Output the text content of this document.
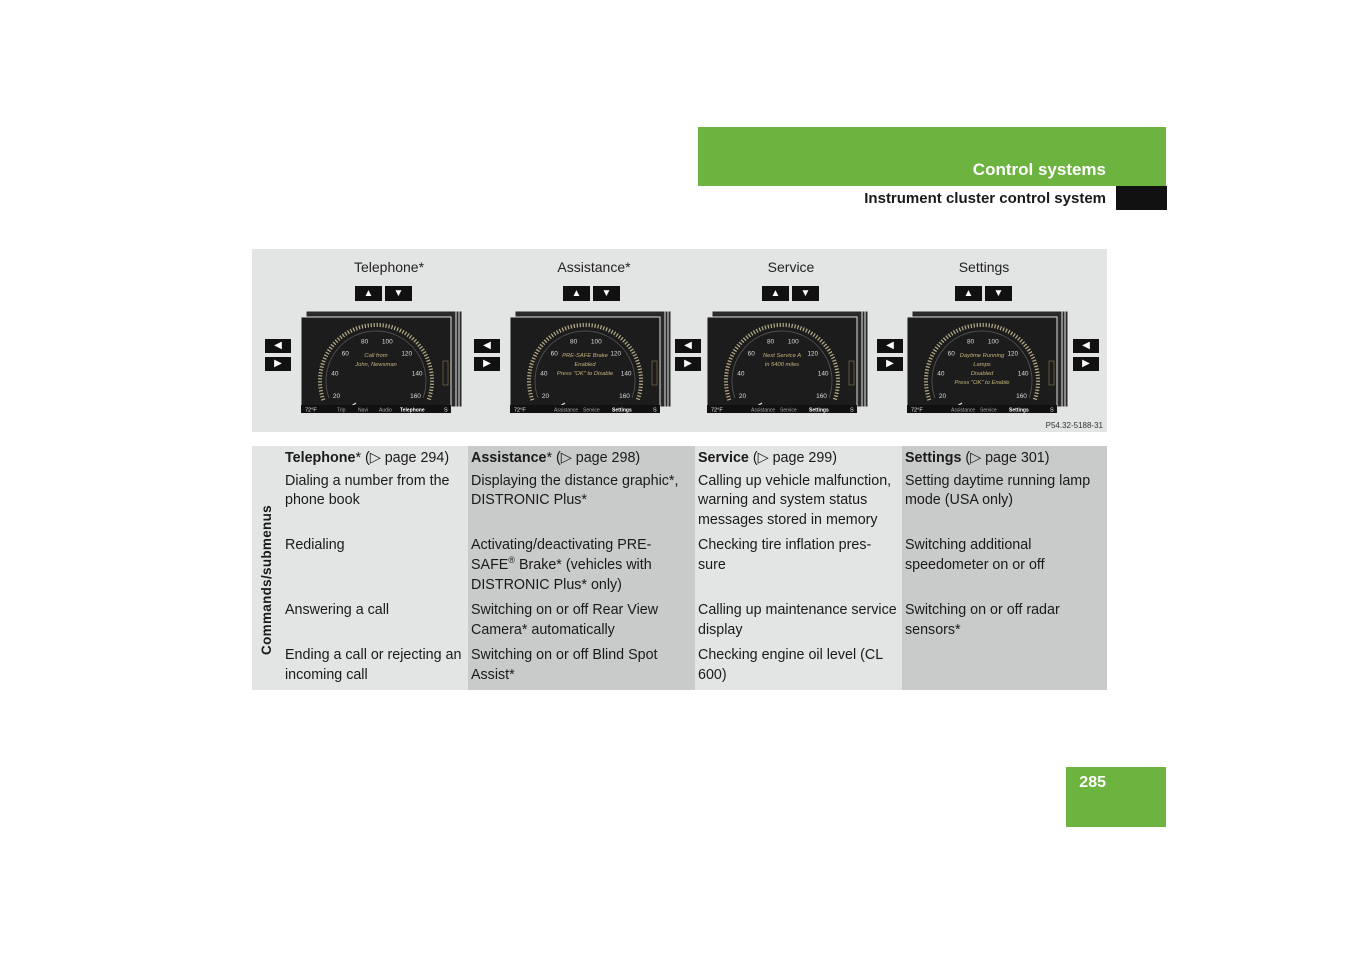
Control systems
Instrument cluster control system
Telephone*	Assistance*	Service	Settings
▲	▼	▲	▼	▲	▼	▲	▼
◀
▶
◀
▶
◀
▶
◀
▶
◀
▶
20
40
60
80 100
120
140
160
Call from
John, Newsman
72°F	Trip	Navi Audio Telephone	S
20
40
60
80 100
120
140
160
PRE-SAFE Brake
Enabled
Press "OK" to Disable
72°F	Assistance Service Settings	S
20
40
60
80 100
120
140
160
Next Service A
in 5400 miles
72°F	Assistance Service Settings	S
20
40
60
80 100
120
140
160
Daytime Running
Lamps
Disabled
Press "OK" to Enable
72°F	Assistance Service Settings	S
P54.32-5188-31
	Telephone* (▷ page 294)	Assistance* (▷ page 298)	Service (▷ page 299)	Settings (▷ page 301)

Commands/submenus	Dialing a number from the phone book	Displaying the distance graphic*, DISTRONIC Plus*	Calling up vehicle malfunction, warning and system status messages stored in memory	Setting daytime running lamp mode (USA only)
	Redialing	Activating/deactivating PRE-SAFE® Brake* (vehicles with DISTRONIC Plus* only)	Checking tire inflation pres-sure	Switching additional speedometer on or off
	Answering a call	Switching on or off Rear View Camera* automatically	Calling up maintenance service display	Switching on or off radar sensors*
	Ending a call or rejecting an incoming call	Switching on or off Blind Spot Assist*	Checking engine oil level (CL 600)	
285
